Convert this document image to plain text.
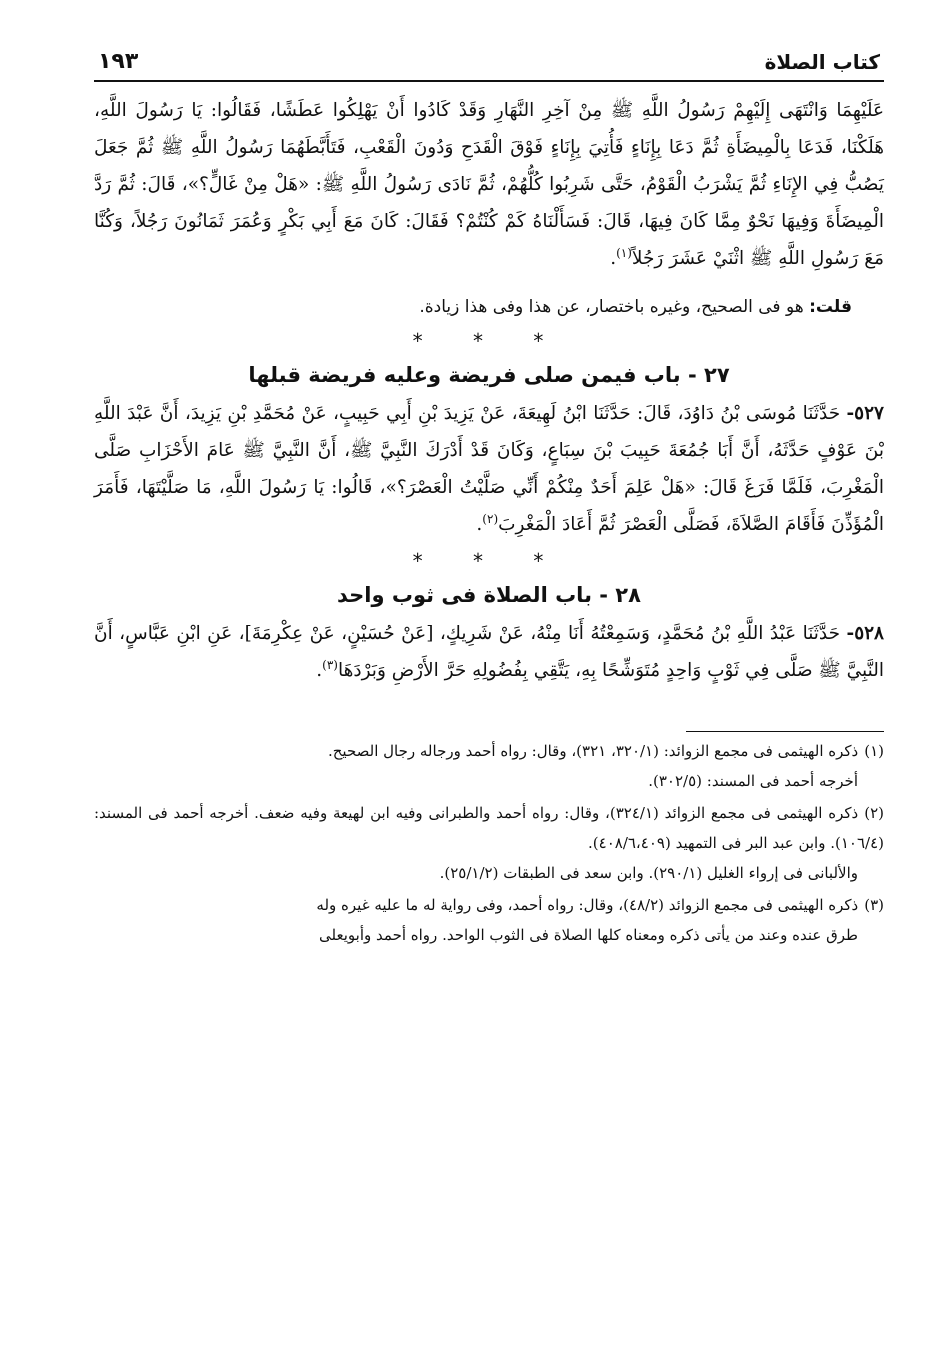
كتاب الصلاة
١٩٣

عَلَيْهِمَا وَانْتَهَى إِلَيْهِمْ رَسُولُ اللَّهِ ﷺ مِنْ آخِرِ النَّهَارِ وَقَدْ كَادُوا أَنْ يَهْلِكُوا عَطَشًا، فَقَالُوا: يَا رَسُولَ اللَّهِ، هَلَكْنَا، فَدَعَا بِالْمِيضَأَةِ ثُمَّ دَعَا بِإِنَاءٍ فَأُتِيَ بِإِنَاءٍ فَوْقَ الْقَدَحِ وَدُونَ الْقَعْبِ، فَتَأَبَّطَهُمَا رَسُولُ اللَّهِ ﷺ ثُمَّ جَعَلَ يَصُبُّ فِي الإِنَاءِ ثُمَّ يَشْرَبُ الْقَوْمُ، حَتَّى شَرِبُوا كُلُّهُمْ، ثُمَّ نَادَى رَسُولُ اللَّهِ ﷺ: «هَلْ مِنْ غَالٍّ؟»، قَالَ: ثُمَّ رَدَّ الْمِيضَأَةَ وَفِيهَا نَحْوٌ مِمَّا كَانَ فِيهَا، قَالَ: فَسَأَلْنَاهُ كَمْ كُنْتُمْ؟ فَقَالَ: كَانَ مَعَ أَبِي بَكْرٍ وَعُمَرَ ثَمَانُونَ رَجُلاً، وَكُنَّا مَعَ رَسُولِ اللَّهِ ﷺ اثْنَيْ عَشَرَ رَجُلاً$^{(١)}$.

قلت: هو فى الصحيح، وغيره باختصار، عن هذا وفى هذا زيادة.

* * *
٢٧ - باب فيمن صلى فريضة وعليه فريضة قبلها

٥٢٧- حَدَّثَنَا مُوسَى بْنُ دَاوُدَ، قَالَ: حَدَّثَنَا ابْنُ لَهِيعَةَ، عَنْ يَزِيدَ بْنِ أَبِي حَبِيبٍ، عَنْ مُحَمَّدِ بْنِ يَزِيدَ، أَنَّ عَبْدَ اللَّهِ بْنَ عَوْفٍ حَدَّثَهُ، أَنَّ أَبَا جُمُعَةَ حَبِيبَ بْنَ سِبَاعٍ، وَكَانَ قَدْ أَدْرَكَ النَّبِيَّ ﷺ، أَنَّ النَّبِيَّ ﷺ عَامَ الأَحْزَابِ صَلَّى الْمَغْرِبَ، فَلَمَّا فَرَغَ قَالَ: «هَلْ عَلِمَ أَحَدٌ مِنْكُمْ أَنِّي صَلَّيْتُ الْعَصْرَ؟»، قَالُوا: يَا رَسُولَ اللَّهِ، مَا صَلَّيْتَهَا، فَأَمَرَ الْمُؤَذِّنَ فَأَقَامَ الصَّلاَةَ، فَصَلَّى الْعَصْرَ ثُمَّ أَعَادَ الْمَغْرِبَ$^{(٢)}$.

* * *
٢٨ - باب الصلاة فى ثوب واحد

٥٢٨- حَدَّثَنَا عَبْدُ اللَّهِ بْنُ مُحَمَّدٍ، وَسَمِعْتُهُ أَنَا مِنْهُ، عَنْ شَرِيكٍ، [عَنْ حُسَيْنٍ، عَنْ عِكْرِمَةَ]، عَنِ ابْنِ عَبَّاسٍ، أَنَّ النَّبِيَّ ﷺ صَلَّى فِي ثَوْبٍ وَاحِدٍ مُتَوَشِّحًا بِهِ، يَتَّقِي بِفُضُولِهِ حَرَّ الأَرْضِ وَبَرْدَهَا$^{(٣)}$.

(١)ذكره الهيثمى فى مجمع الزوائد: (٣٢٠/١، ٣٢١)، وقال: رواه أحمد ورجاله رجال الصحيح.
أخرجه أحمد فى المسند: (٣٠٢/٥).
(٢)ذكره الهيثمى فى مجمع الزوائد (٣٢٤/١)، وقال: رواه أحمد والطبرانى وفيه ابن لهيعة وفيه ضعف. أخرجه أحمد فى المسند: (١٠٦/٤). وابن عبد البر فى التمهيد (٤٠٨/٦،٤٠٩).
والألبانى فى إرواء الغليل (٢٩٠/١). وابن سعد فى الطبقات (٢٥/١/٢).
(٣)ذكره الهيثمى فى مجمع الزوائد (٤٨/٢)، وقال: رواه أحمد، وفى رواية له ما عليه غيره وله
طرق عنده وعند من يأتى ذكره ومعناه كلها الصلاة فى الثوب الواحد. رواه أحمد وأبويعلى
